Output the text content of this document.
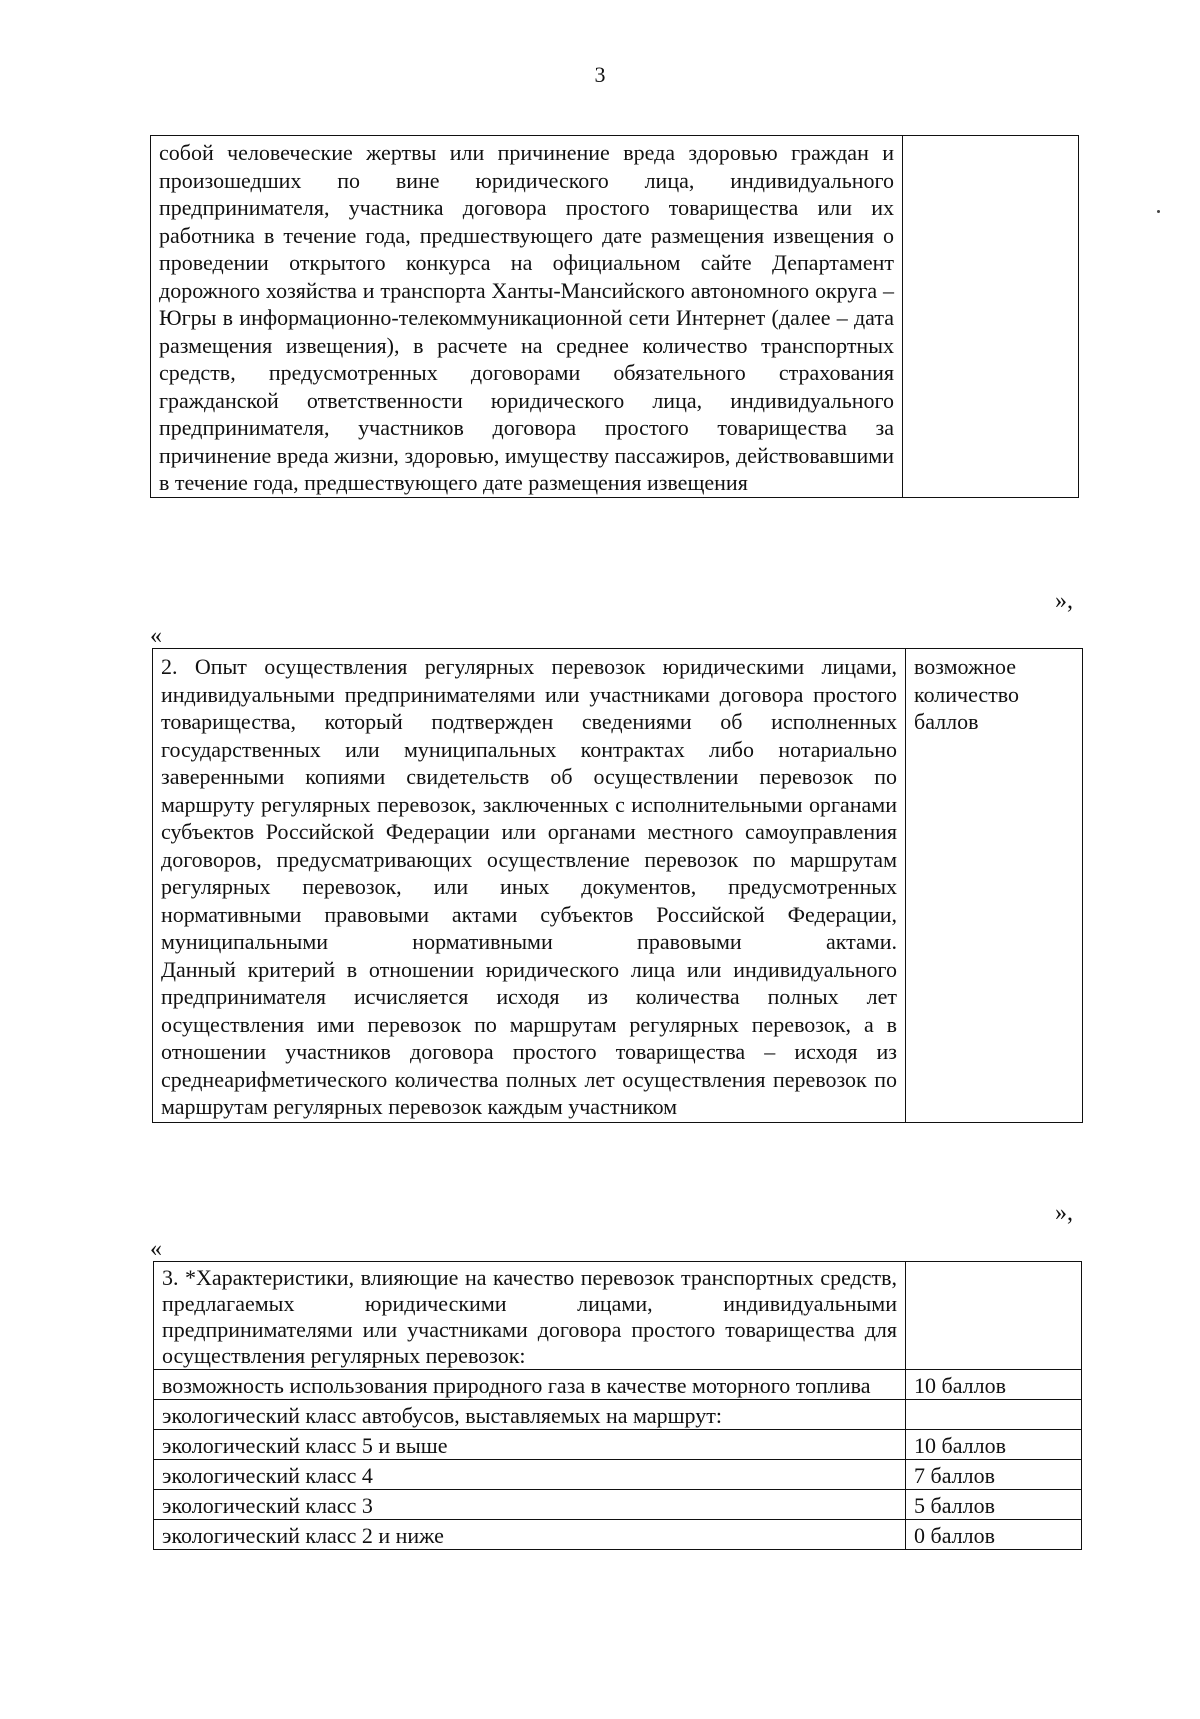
3
собой человеческие жертвы или причинение вреда здоровью граждан и произошедших по вине юридического лица, индивидуального предпринимателя, участника договора простого товарищества или их работника в течение года, предшествующего дате размещения извещения о проведении открытого конкурса на официальном сайте Департамент дорожного хозяйства и транспорта Ханты-Мансийского автономного округа – Югры в информационно-телекоммуникационной сети Интернет (далее – дата размещения извещения), в расчете на среднее количество транспортных средств, предусмотренных договорами обязательного страхования гражданской ответственности юридического лица, индивидуального предпринимателя, участников договора простого товарищества за причинение вреда жизни, здоровью, имуществу пассажиров, действовавшими в течение года, предшествующего дате размещения извещения	
»,
«
2. Опыт осуществления регулярных перевозок юридическими лицами, индивидуальными предпринимателями или участниками договора простого товарищества, который подтвержден сведениями об исполненных государственных или муниципальных контрактах либо нотариально заверенными копиями свидетельств об осуществлении перевозок по маршруту регулярных перевозок, заключенных с исполнительными органами субъектов Российской Федерации или органами местного самоуправления договоров, предусматривающих осуществление перевозок по маршрутам регулярных перевозок, или иных документов, предусмотренных нормативными правовыми актами субъектов Российской Федерации, муниципальными нормативными правовыми актами.
Данный критерий в отношении юридического лица или индивидуального предпринимателя исчисляется исходя из количества полных лет осуществления ими перевозок по маршрутам регулярных перевозок, а в отношении участников договора простого товарищества – исходя из среднеарифметического количества полных лет осуществления перевозок по маршрутам регулярных перевозок каждым участником
	возможное количество баллов
»,
«
3. *Характеристики, влияющие на качество перевозок транспортных средств, предлагаемых юридическими лицами, индивидуальными предпринимателями или участниками договора простого товарищества для осуществления регулярных перевозок:	
возможность использования природного газа в качестве моторного топлива	10 баллов
экологический класс автобусов, выставляемых на маршрут:	
экологический класс 5 и выше	10 баллов
экологический класс 4	7 баллов
экологический класс 3	5 баллов
экологический класс 2 и ниже	0 баллов
